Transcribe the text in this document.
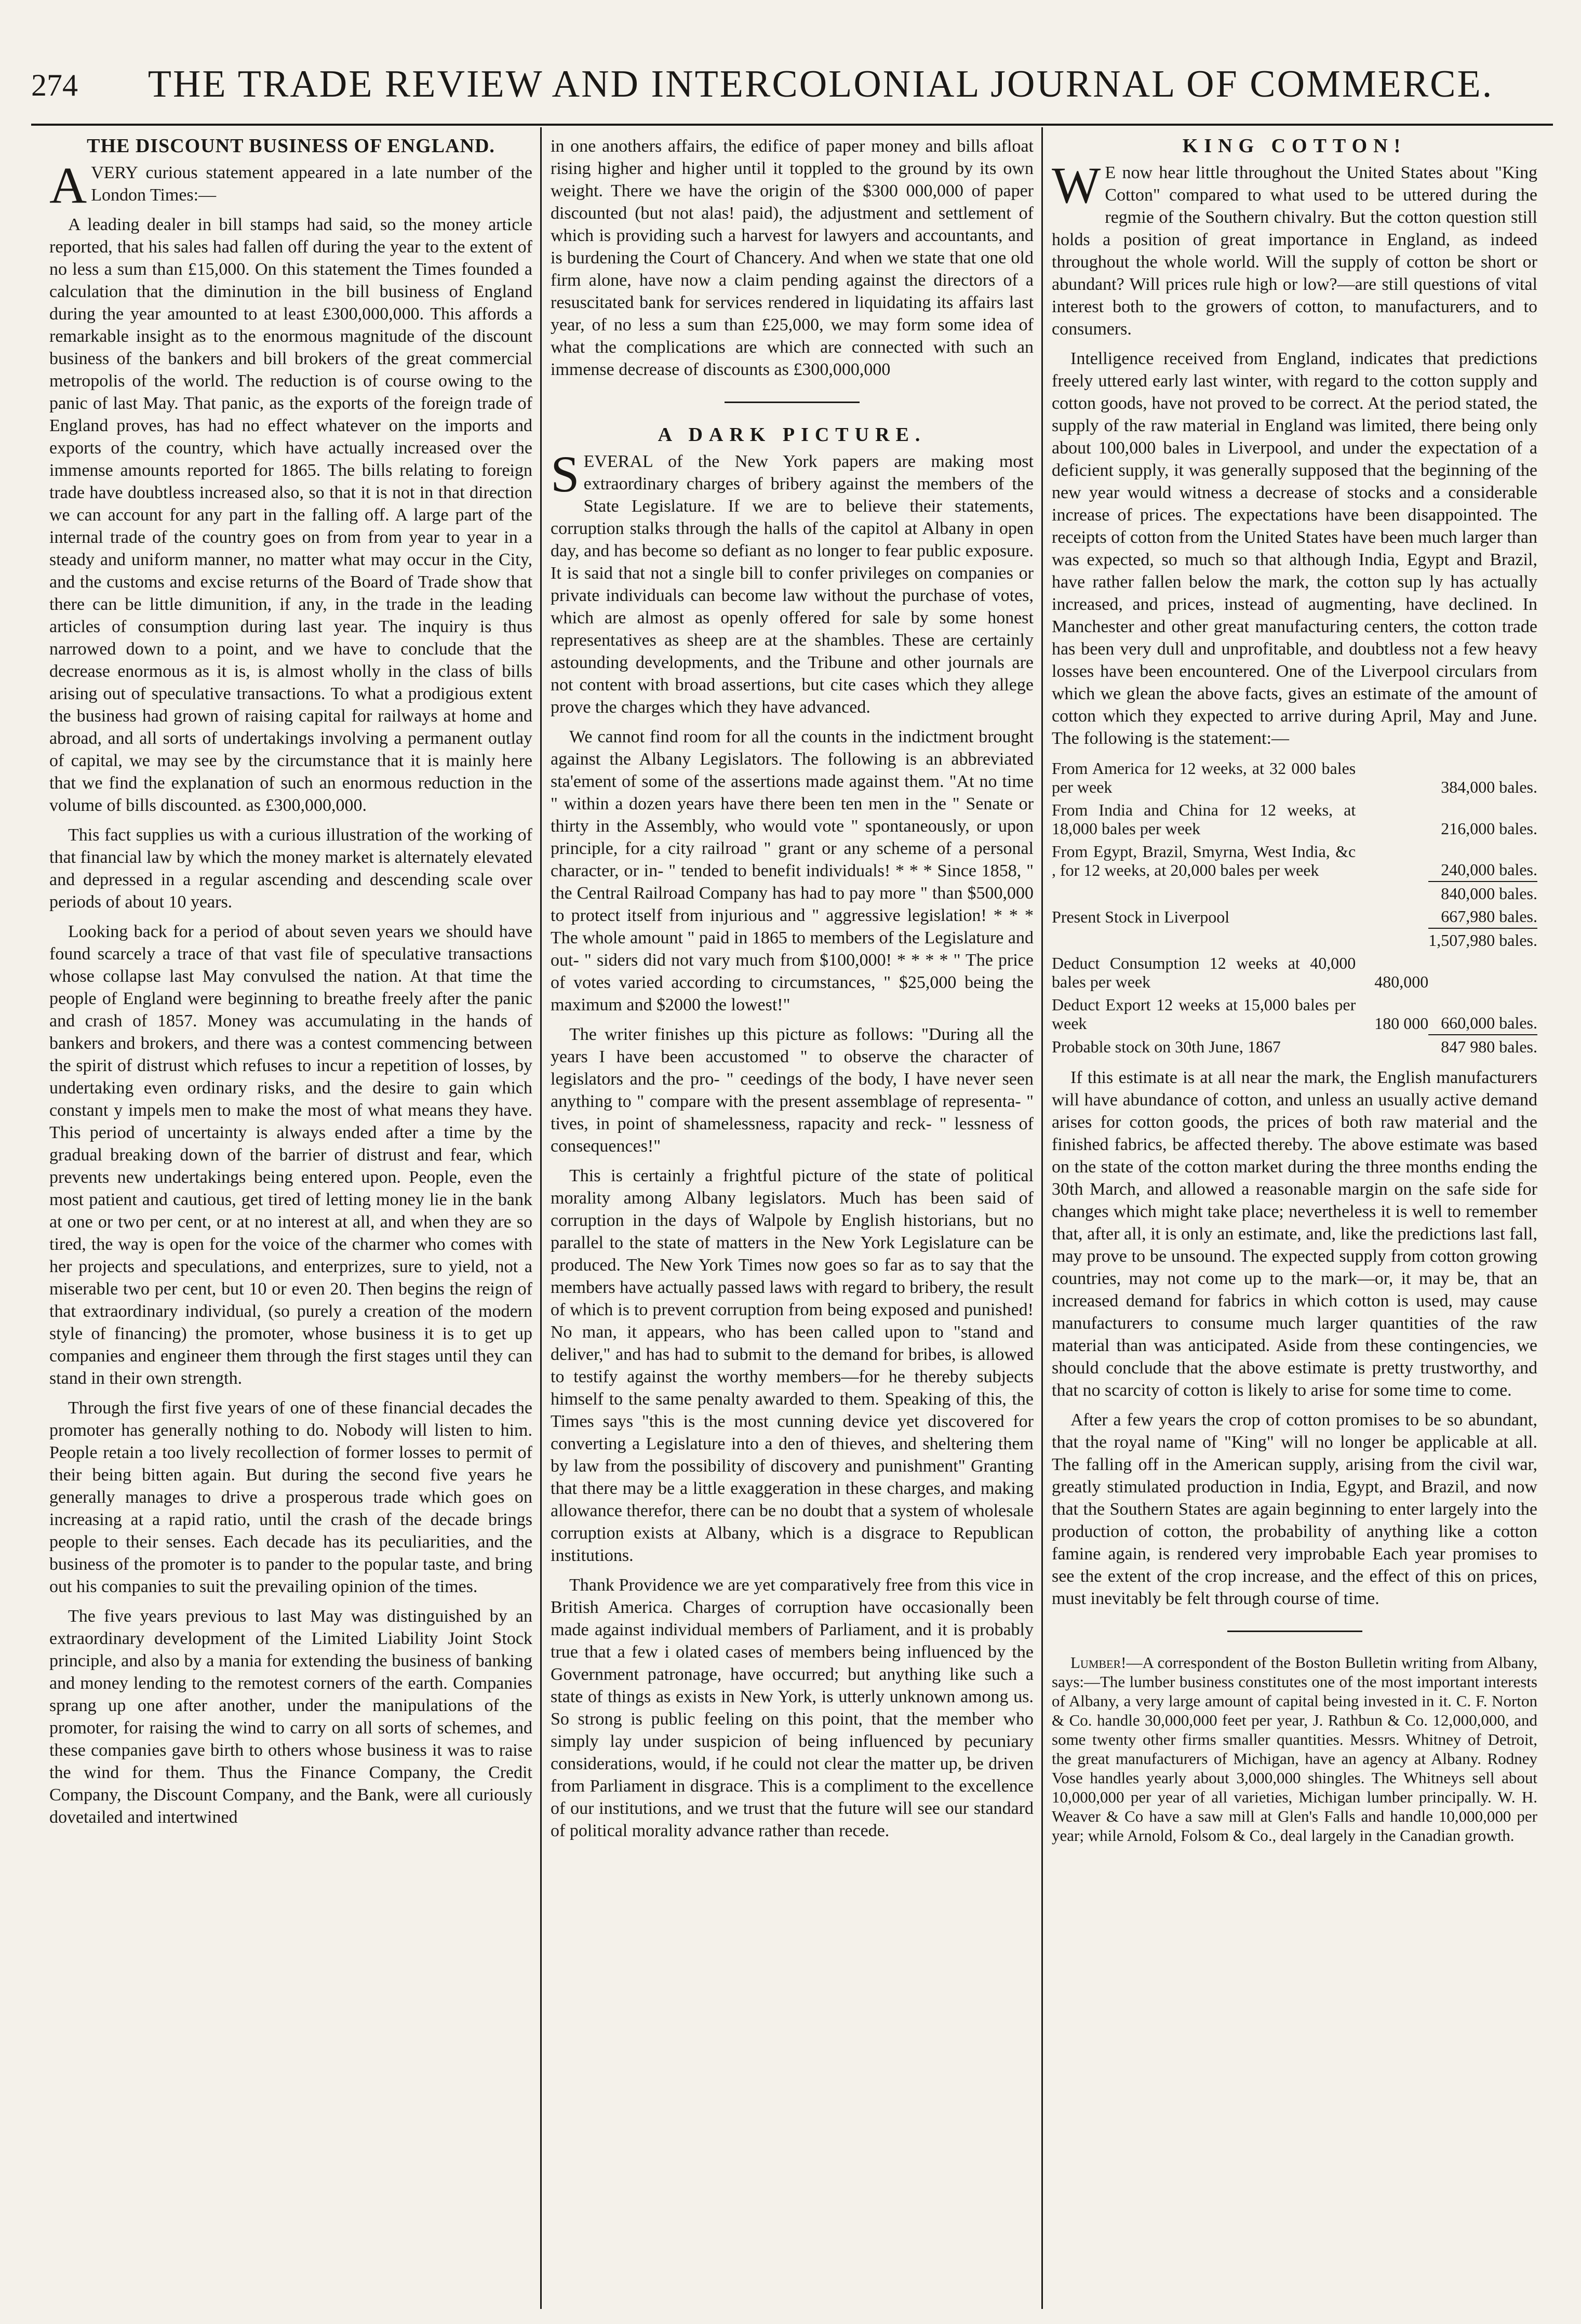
274	THE TRADE REVIEW AND INTERCOLONIAL JOURNAL OF COMMERCE.
THE DISCOUNT BUSINESS OF ENGLAND.

AVERY curious statement appeared in a late number of the London Times:—

A leading dealer in bill stamps had said, so the money article reported, that his sales had fallen off during the year to the extent of no less a sum than £15,000. On this statement the Times founded a calculation that the diminution in the bill business of England during the year amounted to at least £300,000,000. This affords a remarkable insight as to the enormous magnitude of the discount business of the bankers and bill brokers of the great commercial metropolis of the world. The reduction is of course owing to the panic of last May. That panic, as the exports of the foreign trade of England proves, has had no effect whatever on the imports and exports of the country, which have actually increased over the immense amounts reported for 1865. The bills relating to foreign trade have doubtless increased also, so that it is not in that direction we can account for any part in the falling off. A large part of the internal trade of the country goes on from from year to year in a steady and uniform manner, no matter what may occur in the City, and the customs and excise returns of the Board of Trade show that there can be little dimunition, if any, in the trade in the leading articles of consumption during last year. The inquiry is thus narrowed down to a point, and we have to conclude that the decrease enormous as it is, is almost wholly in the class of bills arising out of speculative transactions. To what a prodigious extent the business had grown of raising capital for railways at home and abroad, and all sorts of undertakings involving a permanent outlay of capital, we may see by the circumstance that it is mainly here that we find the explanation of such an enormous reduction in the volume of bills discounted. as £300,000,000.

This fact supplies us with a curious illustration of the working of that financial law by which the money market is alternately elevated and depressed in a regular ascending and descending scale over periods of about 10 years.

Looking back for a period of about seven years we should have found scarcely a trace of that vast file of speculative transactions whose collapse last May convulsed the nation. At that time the people of England were beginning to breathe freely after the panic and crash of 1857. Money was accumulating in the hands of bankers and brokers, and there was a contest commencing between the spirit of distrust which refuses to incur a repetition of losses, by undertaking even ordinary risks, and the desire to gain which constant y impels men to make the most of what means they have. This period of uncertainty is always ended after a time by the gradual breaking down of the barrier of distrust and fear, which prevents new undertakings being entered upon. People, even the most patient and cautious, get tired of letting money lie in the bank at one or two per cent, or at no interest at all, and when they are so tired, the way is open for the voice of the charmer who comes with her projects and speculations, and enterprizes, sure to yield, not a miserable two per cent, but 10 or even 20. Then begins the reign of that extraordinary individual, (so purely a creation of the modern style of financing) the promoter, whose business it is to get up companies and engineer them through the first stages until they can stand in their own strength.

Through the first five years of one of these financial decades the promoter has generally nothing to do. Nobody will listen to him. People retain a too lively recollection of former losses to permit of their being bitten again. But during the second five years he generally manages to drive a prosperous trade which goes on increasing at a rapid ratio, until the crash of the decade brings people to their senses. Each decade has its peculiarities, and the business of the promoter is to pander to the popular taste, and bring out his companies to suit the prevailing opinion of the times.

The five years previous to last May was distinguished by an extraordinary development of the Limited Liability Joint Stock principle, and also by a mania for extending the business of banking and money lending to the remotest corners of the earth. Companies sprang up one after another, under the manipulations of the promoter, for raising the wind to carry on all sorts of schemes, and these companies gave birth to others whose business it was to raise the wind for them. Thus the Finance Company, the Credit Company, the Discount Company, and the Bank, were all curiously dovetailed and intertwined

in one anothers affairs, the edifice of paper money and bills afloat rising higher and higher until it toppled to the ground by its own weight. There we have the origin of the $300 000,000 of paper discounted (but not alas! paid), the adjustment and settlement of which is providing such a harvest for lawyers and accountants, and is burdening the Court of Chancery. And when we state that one old firm alone, have now a claim pending against the directors of a resuscitated bank for services rendered in liquidating its affairs last year, of no less a sum than £25,000, we may form some idea of what the complications are which are connected with such an immense decrease of discounts as £300,000,000

A DARK PICTURE.

SEVERAL of the New York papers are making most extraordinary charges of bribery against the members of the State Legislature. If we are to believe their statements, corruption stalks through the halls of the capitol at Albany in open day, and has become so defiant as no longer to fear public exposure. It is said that not a single bill to confer privileges on companies or private individuals can become law without the purchase of votes, which are almost as openly offered for sale by some honest representatives as sheep are at the shambles. These are certainly astounding developments, and the Tribune and other journals are not content with broad assertions, but cite cases which they allege prove the charges which they have advanced.

We cannot find room for all the counts in the indictment brought against the Albany Legislators. The following is an abbreviated sta'ement of some of the assertions made against them. "At no time " within a dozen years have there been ten men in the " Senate or thirty in the Assembly, who would vote " spontaneously, or upon principle, for a city railroad " grant or any scheme of a personal character, or in- " tended to benefit individuals! * * * Since 1858, " the Central Railroad Company has had to pay more " than $500,000 to protect itself from injurious and " aggressive legislation! * * * The whole amount " paid in 1865 to members of the Legislature and out- " siders did not vary much from $100,000! * * * * " The price of votes varied according to circumstances, " $25,000 being the maximum and $2000 the lowest!"

The writer finishes up this picture as follows: "During all the years I have been accustomed " to observe the character of legislators and the pro- " ceedings of the body, I have never seen anything to " compare with the present assemblage of representa- " tives, in point of shamelessness, rapacity and reck- " lessness of consequences!"

This is certainly a frightful picture of the state of political morality among Albany legislators. Much has been said of corruption in the days of Walpole by English historians, but no parallel to the state of matters in the New York Legislature can be produced. The New York Times now goes so far as to say that the members have actually passed laws with regard to bribery, the result of which is to prevent corruption from being exposed and punished! No man, it appears, who has been called upon to "stand and deliver," and has had to submit to the demand for bribes, is allowed to testify against the worthy members—for he thereby subjects himself to the same penalty awarded to them. Speaking of this, the Times says "this is the most cunning device yet discovered for converting a Legislature into a den of thieves, and sheltering them by law from the possibility of discovery and punishment" Granting that there may be a little exaggeration in these charges, and making allowance therefor, there can be no doubt that a system of wholesale corruption exists at Albany, which is a disgrace to Republican institutions.

Thank Providence we are yet comparatively free from this vice in British America. Charges of corruption have occasionally been made against individual members of Parliament, and it is probably true that a few i olated cases of members being influenced by the Government patronage, have occurred; but anything like such a state of things as exists in New York, is utterly unknown among us. So strong is public feeling on this point, that the member who simply lay under suspicion of being influenced by pecuniary considerations, would, if he could not clear the matter up, be driven from Parliament in disgrace. This is a compliment to the excellence of our institutions, and we trust that the future will see our standard of political morality advance rather than recede.

KING COTTON!

W E now hear little throughout the United States about "King Cotton" compared to what used to be uttered during the regmie of the Southern chivalry. But the cotton question still holds a position of great importance in England, as indeed throughout the whole world. Will the supply of cotton be short or abundant? Will prices rule high or low?—are still questions of vital interest both to the growers of cotton, to manufacturers, and to consumers.

Intelligence received from England, indicates that predictions freely uttered early last winter, with regard to the cotton supply and cotton goods, have not proved to be correct. At the period stated, the supply of the raw material in England was limited, there being only about 100,000 bales in Liverpool, and under the expectation of a deficient supply, it was generally supposed that the beginning of the new year would witness a decrease of stocks and a considerable increase of prices. The expectations have been disappointed. The receipts of cotton from the United States have been much larger than was expected, so much so that although India, Egypt and Brazil, have rather fallen below the mark, the cotton sup ly has actually increased, and prices, instead of augmenting, have declined. In Manchester and other great manufacturing centers, the cotton trade has been very dull and unprofitable, and doubtless not a few heavy losses have been encountered. One of the Liverpool circulars from which we glean the above facts, gives an estimate of the amount of cotton which they expected to arrive during April, May and June. The following is the statement:—

From America for 12 weeks, at 32 000 bales per week		384,000 bales.
From India and China for 12 weeks, at 18,000 bales per week		216,000 bales.
From Egypt, Brazil, Smyrna, West India, &c , for 12 weeks, at 20,000 bales per week		240,000 bales.
		840,000 bales.
Present Stock in Liverpool		667,980 bales.
		1,507,980 bales.
Deduct Consumption 12 weeks at 40,000 bales per week	480,000	
Deduct Export 12 weeks at 15,000 bales per week	180 000	660,000 bales.
Probable stock on 30th June, 1867		847 980 bales.

If this estimate is at all near the mark, the English manufacturers will have abundance of cotton, and unless an usually active demand arises for cotton goods, the prices of both raw material and the finished fabrics, be affected thereby. The above estimate was based on the state of the cotton market during the three months ending the 30th March, and allowed a reasonable margin on the safe side for changes which might take place; nevertheless it is well to remember that, after all, it is only an estimate, and, like the predictions last fall, may prove to be unsound. The expected supply from cotton growing countries, may not come up to the mark—or, it may be, that an increased demand for fabrics in which cotton is used, may cause manufacturers to consume much larger quantities of the raw material than was anticipated. Aside from these contingencies, we should conclude that the above estimate is pretty trustworthy, and that no scarcity of cotton is likely to arise for some time to come.

After a few years the crop of cotton promises to be so abundant, that the royal name of "King" will no longer be applicable at all. The falling off in the American supply, arising from the civil war, greatly stimulated production in India, Egypt, and Brazil, and now that the Southern States are again beginning to enter largely into the production of cotton, the probability of anything like a cotton famine again, is rendered very improbable Each year promises to see the extent of the crop increase, and the effect of this on prices, must inevitably be felt through course of time.

Lumber!—A correspondent of the Boston Bulletin writing from Albany, says:—The lumber business constitutes one of the most important interests of Albany, a very large amount of capital being invested in it. C. F. Norton & Co. handle 30,000,000 feet per year, J. Rathbun & Co. 12,000,000, and some twenty other firms smaller quantities. Messrs. Whitney of Detroit, the great manufacturers of Michigan, have an agency at Albany. Rodney Vose handles yearly about 3,000,000 shingles. The Whitneys sell about 10,000,000 per year of all varieties, Michigan lumber principally. W. H. Weaver & Co have a saw mill at Glen's Falls and handle 10,000,000 per year; while Arnold, Folsom & Co., deal largely in the Canadian growth.
